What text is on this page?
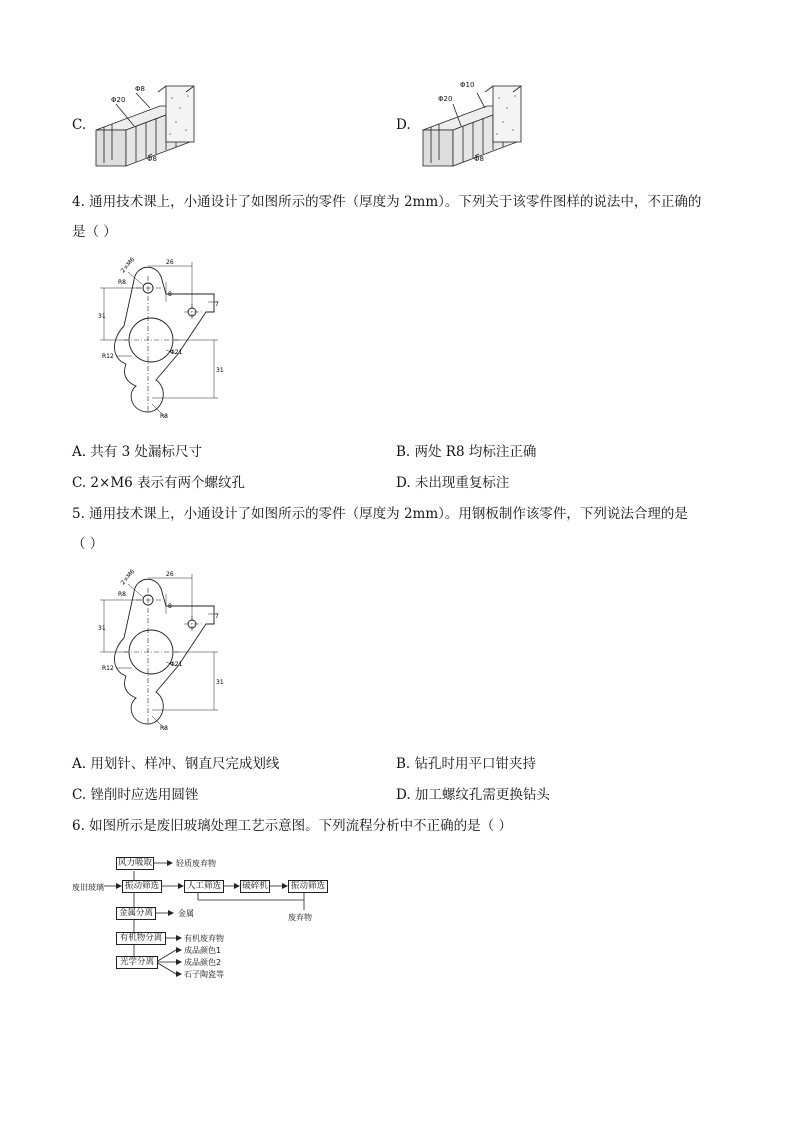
C.
Φ8
Φ20
Φ8
D.
Φ10
Φ20
Φ8
4. 通用技术课上，小通设计了如图所示的零件（厚度为 2mm）。下列关于该零件图样的说法中，不正确的
是（ ）
26
2×M6
R8
8
7
31
31
R12
Φ21
R8
A. 共有 3 处漏标尺寸	B. 两处 R8 均标注正确
C. 2×M6 表示有两个螺纹孔	D. 未出现重复标注
5. 通用技术课上，小通设计了如图所示的零件（厚度为 2mm）。用钢板制作该零件，下列说法合理的是
（ ）
26
2×M6
R8
8
7
31
31
R12
Φ21
R8
A. 用划针、样冲、钢直尺完成划线	B. 钻孔时用平口钳夹持
C. 锉削时应选用圆锉	D. 加工螺纹孔需更换钻头
6. 如图所示是废旧玻璃处理工艺示意图。下列流程分析中不正确的是（ ）
废旧玻璃
风力吸取	轻质废弃物
振动筛选	人工筛选	破碎机	振动筛选
废弃物
金属分离	金属
有机物分离	有机废弃物
光学分离
成品颜色1
成品颜色2
石子陶瓷等
